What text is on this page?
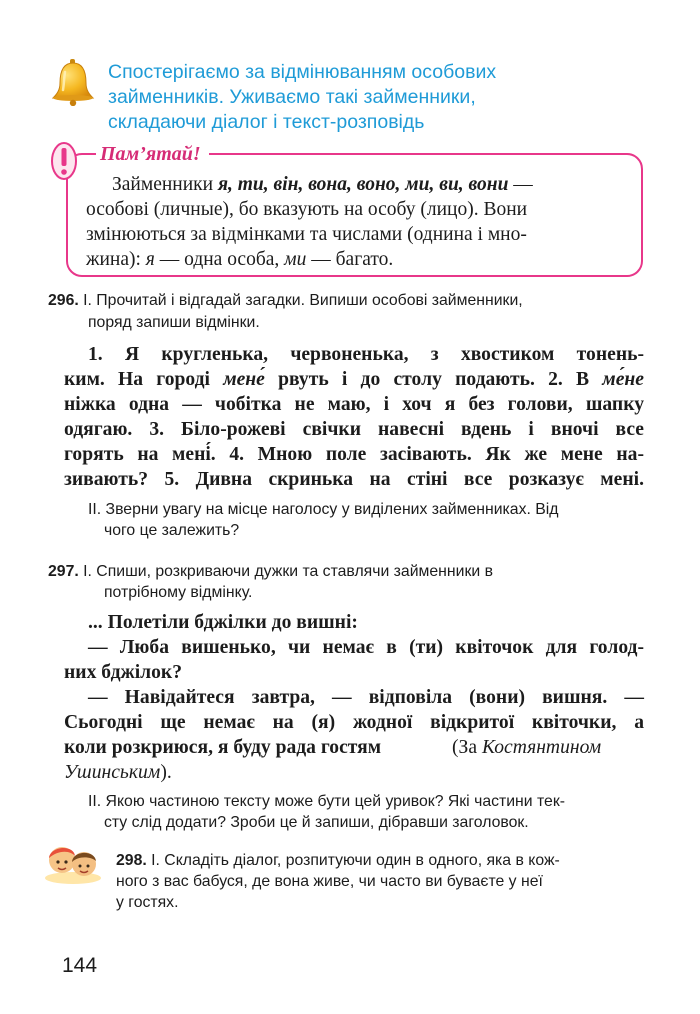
Спостерігаємо за відмінюванням особових
займенників. Уживаємо такі займенники,
складаючи діалог і текст-розповідь
Пам’ятай!
Займенники я, ти, він, вона, воно, ми, ви, вони —
особові (личные), бо вказують на особу (лицо). Вони
змінюються за відмінками та числами (однина і мно-
жина): я — одна особа, ми — багато.
296. І. Прочитай і відгадай загадки. Випиши особові займенники,
поряд запиши відмінки.
1. Я кругленька, червоненька, з хвостиком тонень-
ким. На городі мене́ рвуть і до столу подають. 2. В ме́не
ніжка одна — чобітка не маю, і хоч я без голови, шапку
одягаю. 3. Біло-рожеві свічки навесні вдень і вночі все
горять на мені́. 4. Мною поле засівають. Як же мене на-
зивають? 5. Дивна скринька на стіні все розказує мені.
ІІ. Зверни увагу на місце наголосу у виділених займенниках. Від
чого це залежить?
297. І. Спиши, розкриваючи дужки та ставлячи займенники в
потрібному відмінку.
... Полетіли бджілки до вишні:
— Люба вишенько, чи немає в (ти) квіточок для голод-
них бджілок?
— Навідайтеся завтра, — відповіла (вони) вишня. —
Сьогодні ще немає на (я) жодної відкритої квіточки, а
коли розкриюся, я буду рада гостям	(За Костянтином
Ушинським).
ІІ. Якою частиною тексту може бути цей уривок? Які частини тек-
сту слід додати? Зроби це й запиши, дібравши заголовок.
298. І. Складіть діалог, розпитуючи один в одного, яка в кож-
ного з вас бабуся, де вона живе, чи часто ви буваєте у неї
у гостях.
144
